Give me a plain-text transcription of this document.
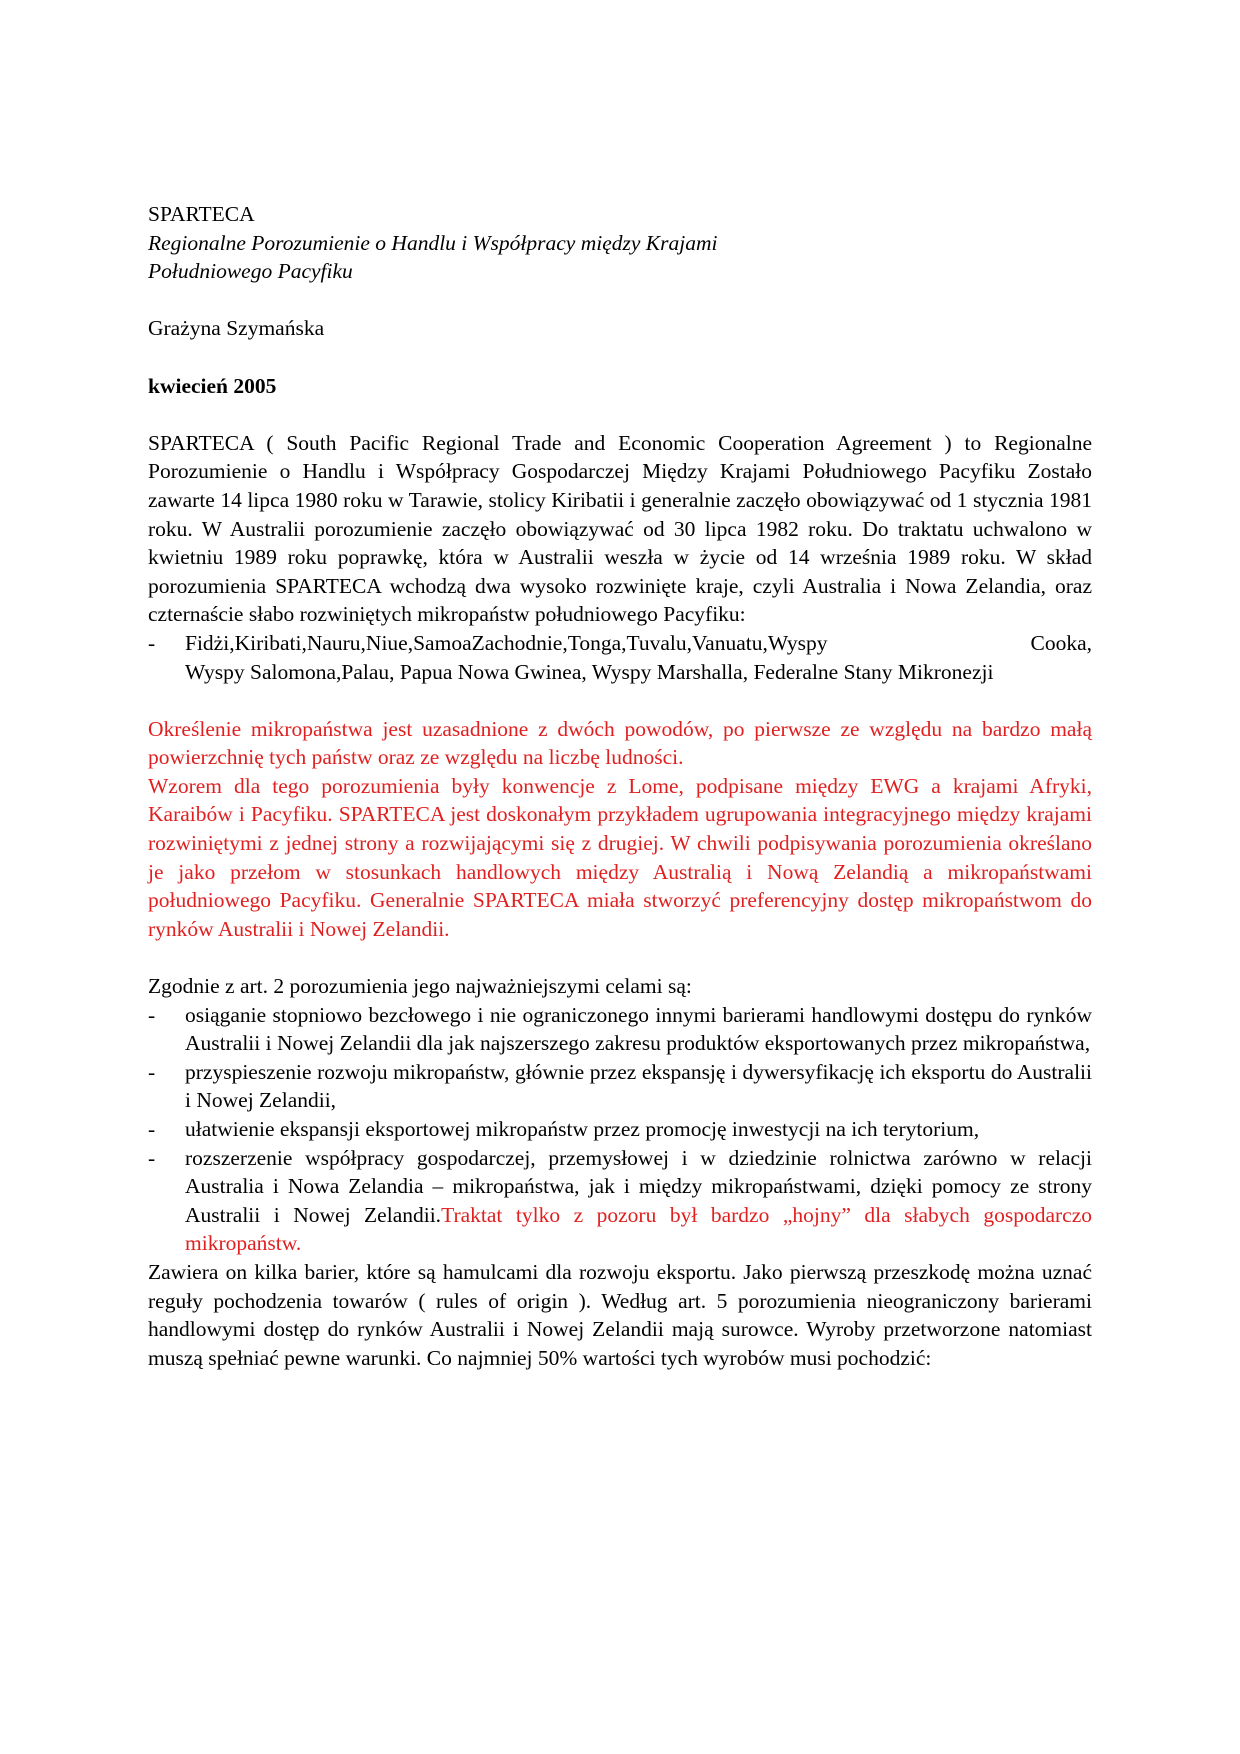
SPARTECA

Regionalne Porozumienie o Handlu i Współpracy między Krajami

Południowego Pacyfiku

Grażyna Szymańska

kwiecień 2005

SPARTECA ( South Pacific Regional Trade and Economic Cooperation Agreement ) to Regionalne Porozumienie o Handlu i Współpracy Gospodarczej Między Krajami Południowego Pacyfiku Zostało zawarte 14 lipca 1980 roku w Tarawie, stolicy Kiribatii i generalnie zaczęło obowiązywać od 1 stycznia 1981 roku. W Australii porozumienie zaczęło obowiązywać od 30 lipca 1982 roku. Do traktatu uchwalono w kwietniu 1989 roku poprawkę, która w Australii weszła w życie od 14 września 1989 roku. W skład porozumienia SPARTECA wchodzą dwa wysoko rozwinięte kraje, czyli Australia i Nowa Zelandia, oraz czternaście słabo rozwiniętych mikropaństw południowego Pacyfiku:

- Fidżi,Kiribati,Nauru,Niue,SamoaZachodnie,Tonga,Tuvalu,Vanuatu,Wyspy Cooka,
Wyspy Salomona,Palau, Papua Nowa Gwinea, Wyspy Marshalla, Federalne Stany Mikronezji

Określenie mikropaństwa jest uzasadnione z dwóch powodów, po pierwsze ze względu na bardzo małą powierzchnię tych państw oraz ze względu na liczbę ludności.

Wzorem dla tego porozumienia były konwencje z Lome, podpisane między EWG a krajami Afryki, Karaibów i Pacyfiku. SPARTECA jest doskonałym przykładem ugrupowania integracyjnego między krajami rozwiniętymi z jednej strony a rozwijającymi się z drugiej. W chwili podpisywania porozumienia określano je jako przełom w stosunkach handlowych między Australią i Nową Zelandią a mikropaństwami południowego Pacyfiku. Generalnie SPARTECA miała stworzyć preferencyjny dostęp mikropaństwom do rynków Australii i Nowej Zelandii.

Zgodnie z art. 2 porozumienia jego najważniejszymi celami są:

- osiąganie stopniowo bezcłowego i nie ograniczonego innymi barierami handlowymi dostępu do rynków Australii i Nowej Zelandii dla jak najszerszego zakresu produktów eksportowanych przez mikropaństwa,
- przyspieszenie rozwoju mikropaństw, głównie przez ekspansję i dywersyfikację ich eksportu do Australii i Nowej Zelandii,
- ułatwienie ekspansji eksportowej mikropaństw przez promocję inwestycji na ich terytorium,
- rozszerzenie współpracy gospodarczej, przemysłowej i w dziedzinie rolnictwa zarówno w relacji Australia i Nowa Zelandia – mikropaństwa, jak i między mikropaństwami, dzięki pomocy ze strony Australii i Nowej Zelandii.Traktat tylko z pozoru był bardzo „hojny” dla słabych gospodarczo mikropaństw.

Zawiera on kilka barier, które są hamulcami dla rozwoju eksportu. Jako pierwszą przeszkodę można uznać reguły pochodzenia towarów ( rules of origin ). Według art. 5 porozumienia nieograniczony barierami handlowymi dostęp do rynków Australii i Nowej Zelandii mają surowce. Wyroby przetworzone natomiast muszą spełniać pewne warunki. Co najmniej 50% wartości tych wyrobów musi pochodzić:
